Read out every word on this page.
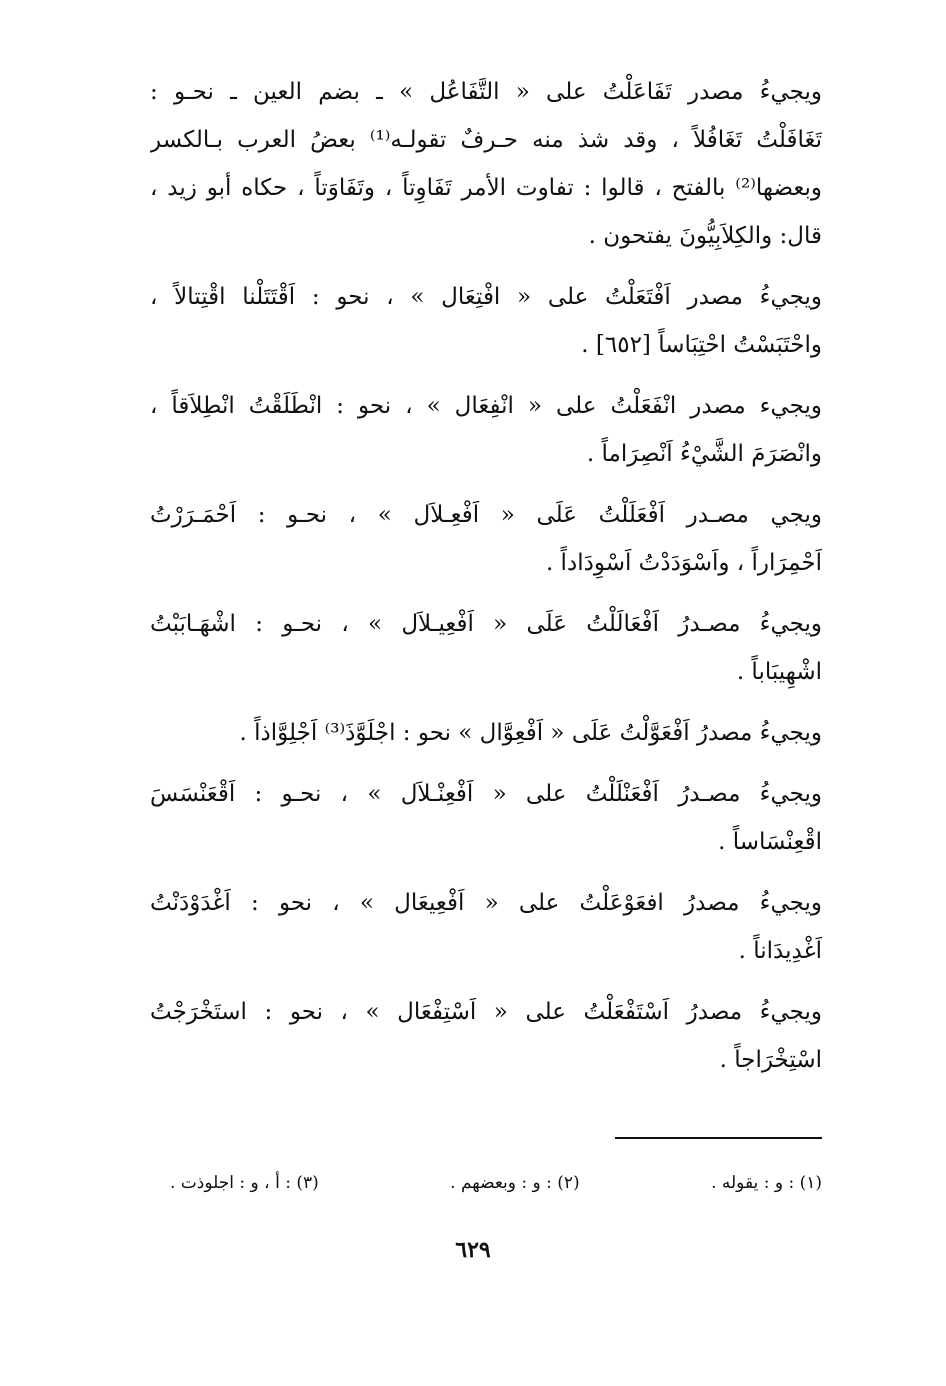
ويجيءُ مصدر تَفَاعَلْتُ على « التَّفَاعُل » ـ بضم العين ـ نحـو :
تَغَافَلْتُ تَغَافُلاً ، وقد شذ منه حـرفٌ تقولـه⁽¹⁾ بعضُ العرب بـالكسر
وبعضها⁽²⁾ بالفتح ، قالوا : تفاوت الأمر تَفَاوِتاً ، وتَفَاوَتاً ، حكاه أبو زيد ،
قال: والكِلاَبِيُّونَ يفتحون .
ويجيءُ مصدر اَفْتَعَلْتُ على « افْتِعَال » ، نحو : اَقْتَتَلْنا اقْتِتالاً ،
واحْتَبَسْتُ احْتِبَاساً [٦٥٢] .
ويجيء مصدر انْفَعَلْتُ على « انْفِعَال » ، نحو : انْطَلَقْتُ انْطِلاَقاً ،
وانْصَرَمَ الشَّيْءُ اَنْصِرَاماً .
ويجي مصـدر اَفْعَلَلْتُ عَلَى « اَفْعِـلاَل » ، نحـو : اَحْمَـرَرْتُ
اَحْمِرَاراً ، واَسْوَدَدْتُ اَسْوِدَاداً .
ويجيءُ مصـدرُ اَفْعَالَلْتُ عَلَى « اَفْعِيـلاَل » ، نحـو : اشْهَـابَبْتُ
اشْهِيبَاباً .
ويجيءُ مصدرُ اَفْعَوَّلْتُ عَلَى « اَفْعِوَّال » نحو : اجْلَوَّذَ⁽³⁾ اَجْلِوَّاذاً .
ويجيءُ مصـدرُ اَفْعَنْلَلْتُ على « اَفْعِنْـلاَل » ، نحـو : اَقْعَنْسَسَ
اقْعِنْسَاساً .
ويجيءُ مصدرُ افعَوْعَلْتُ على « اَفْعِيعَال » ، نحو : اَغْدَوْدَنْتُ
اَغْدِيدَاناً .
ويجيءُ مصدرُ اَسْتَفْعَلْتُ على « اَسْتِفْعَال » ، نحو : استَخْرَجْتُ
اسْتِخْرَاجاً .
(١) : و : يقوله .
(٢) : و : وبعضهم .
(٣) : أ ، و : اجلوذت .
٦٢٩
